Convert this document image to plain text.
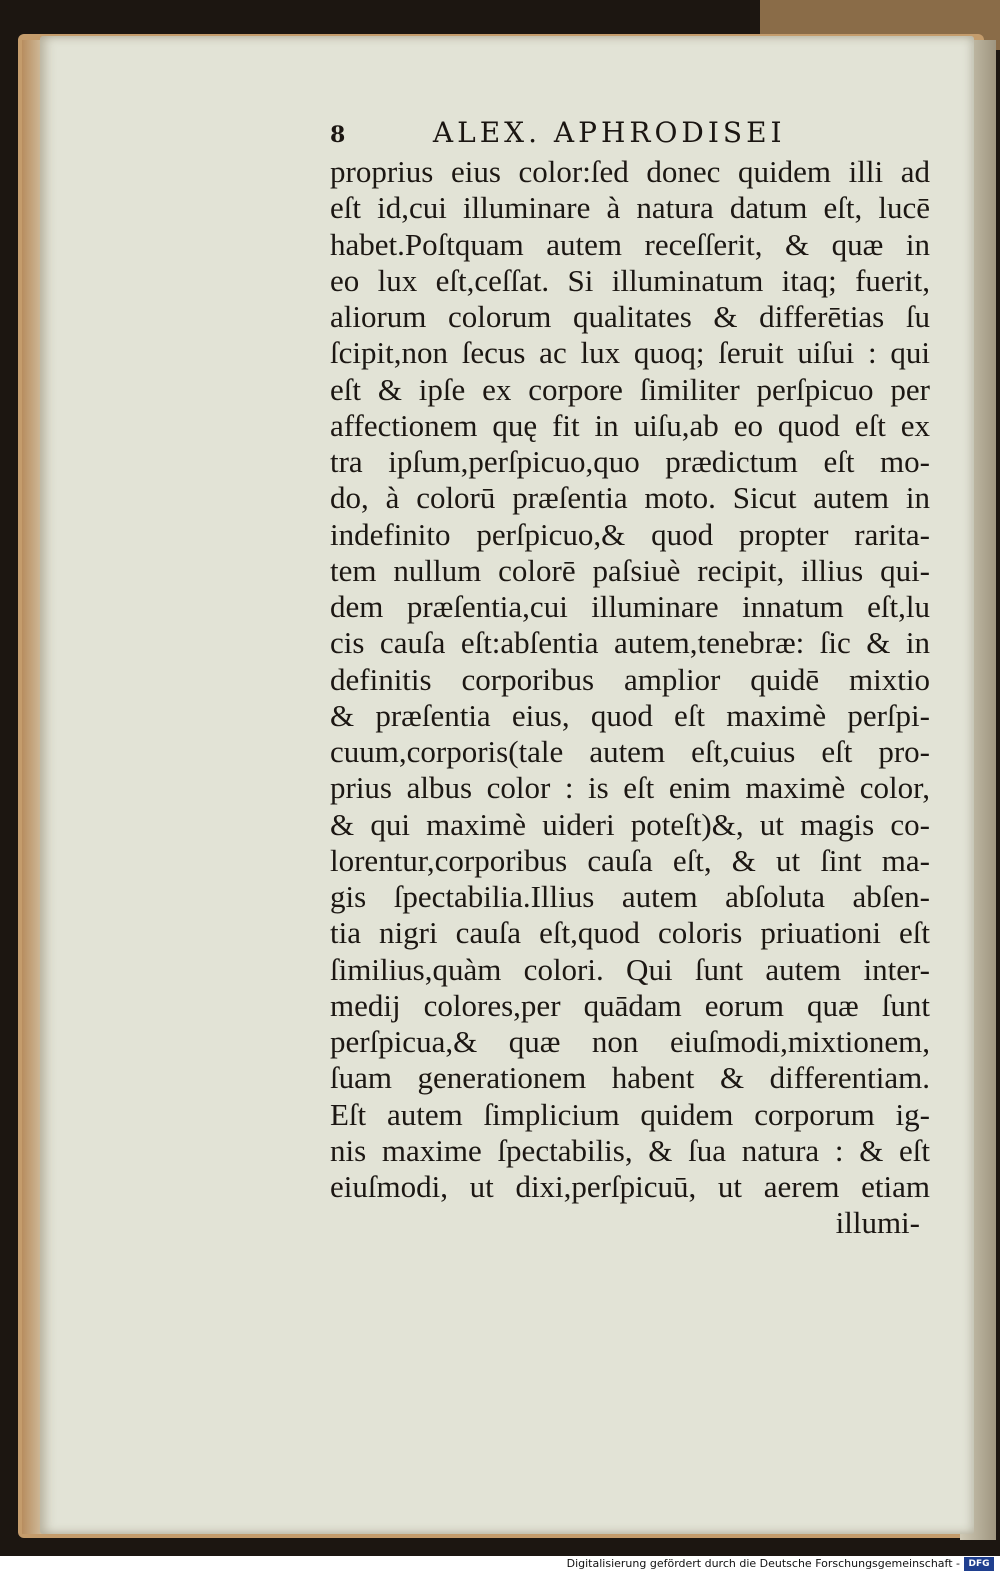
8	ALEX. APHRODISEI
proprius eius color:ſed donec quidem illi ad
eſt id,cui illuminare à natura datum eſt, lucē
habet.Poſtquam autem receſſerit, & quæ in
eo lux eſt,ceſſat. Si illuminatum itaq; fuerit,
aliorum colorum qualitates & differētias ſu
ſcipit,non ſecus ac lux quoq; ſeruit uiſui : qui
eſt & ipſe ex corpore ſimiliter perſpicuo per
affectionem quę fit in uiſu,ab eo quod eſt ex
tra ipſum,perſpicuo,quo prædictum eſt mo-
do, à colorū præſentia moto. Sicut autem in
indefinito perſpicuo,& quod propter rarita-
tem nullum colorē paſsiuè recipit, illius qui-
dem præſentia,cui illuminare innatum eſt,lu
cis cauſa eſt:abſentia autem,tenebræ: ſic & in
definitis corporibus amplior quidē mixtio
& præſentia eius, quod eſt maximè perſpi-
cuum,corporis(tale autem eſt,cuius eſt pro-
prius albus color : is eſt enim maximè color,
& qui maximè uideri poteſt)&, ut magis co-
lorentur,corporibus cauſa eſt, & ut ſint ma-
gis ſpectabilia.Illius autem abſoluta abſen-
tia nigri cauſa eſt,quod coloris priuationi eſt
ſimilius,quàm colori. Qui ſunt autem inter-
medij colores,per quādam eorum quæ ſunt
perſpicua,& quæ non eiuſmodi,mixtionem,
ſuam generationem habent & differentiam.
Eſt autem ſimplicium quidem corporum ig-
nis maxime ſpectabilis, & ſua natura : & eſt
eiuſmodi, ut dixi,perſpicuū, ut aerem etiam
illumi-
Digitalisierung gefördert durch die Deutsche Forschungsgemeinschaft - DFG
